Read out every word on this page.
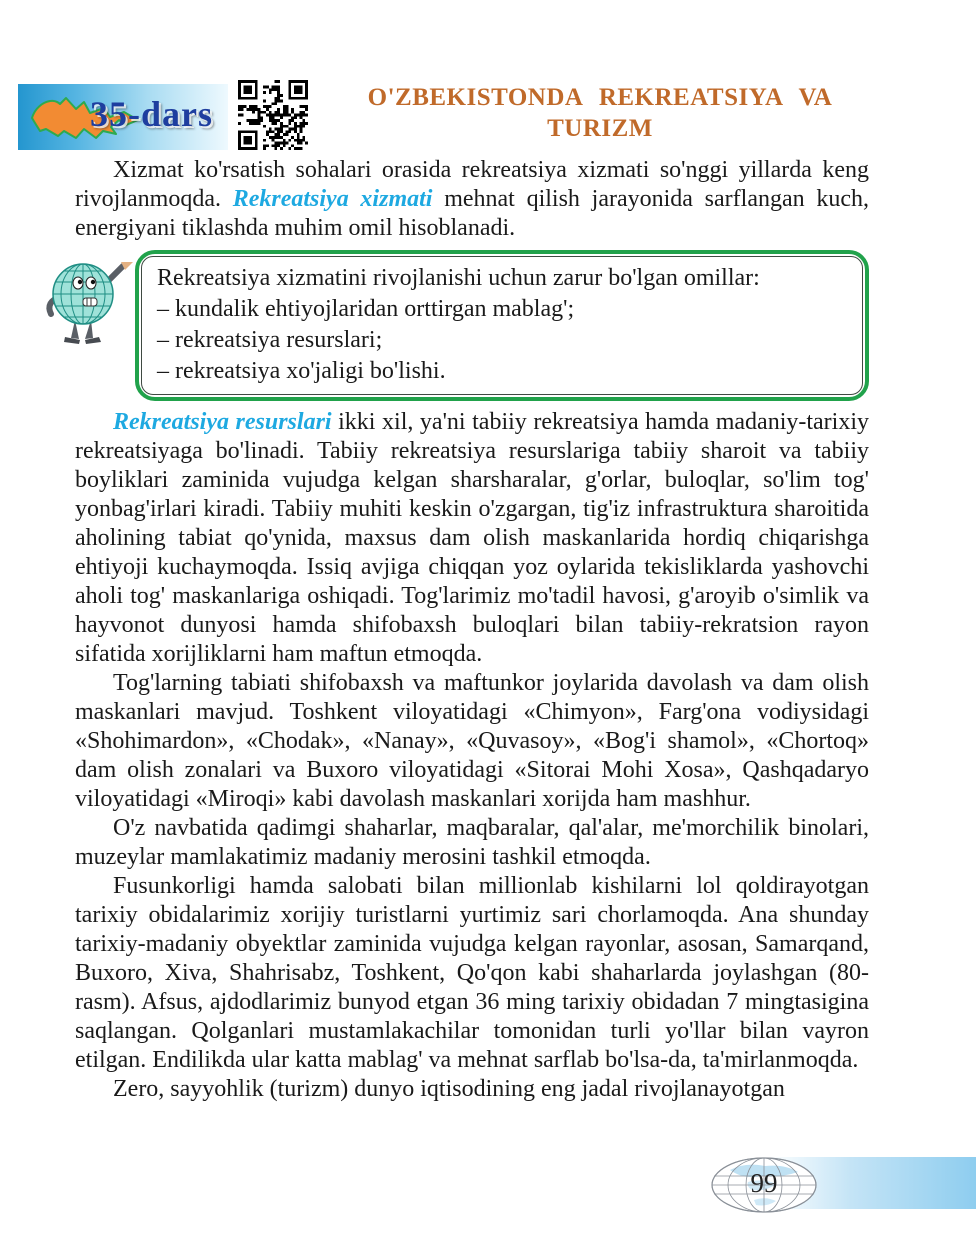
35-dars	O'ZBEKISTONDA REKREATSIYA VA
TURIZM

Xizmat ko'rsatish sohalari orasida rekreatsiya xizmati so'nggi yillarda keng rivojlanmoqda. Rekreatsiya xizmati mehnat qilish jarayonida sarflangan kuch, energiyani tiklashda muhim omil hisoblanadi.

Rekreatsiya xizmatini rivojlanishi uchun zarur bo'lgan omillar:
– kundalik ehtiyojlaridan orttirgan mablag';
– rekreatsiya resurslari;
– rekreatsiya xo'jaligi bo'lishi.

Rekreatsiya resurslari ikki xil, ya'ni tabiiy rekreatsiya hamda madaniy-tarixiy rekreatsiyaga bo'linadi. Tabiiy rekreatsiya resurslariga tabiiy sharoit va tabiiy boyliklari zaminida vujudga kelgan sharsharalar, g'orlar, buloqlar, so'lim tog' yonbag'irlari kiradi. Tabiiy muhiti keskin o'zgargan, tig'iz infrastruktura sharoitida aholining tabiat qo'ynida, maxsus dam olish maskanlarida hordiq chiqarishga ehtiyoji kuchaymoqda. Issiq avjiga chiqqan yoz oylarida tekisliklarda yashovchi aholi tog' maskanlariga oshiqadi. Tog'larimiz mo'tadil havosi, g'aroyib o'simlik va hayvonot dunyosi hamda shifobaxsh buloqlari bilan tabiiy-rekratsion rayon sifatida xorijliklarni ham maftun etmoqda.

Tog'larning tabiati shifobaxsh va maftunkor joylarida davolash va dam olish maskanlari mavjud. Toshkent viloyatidagi «Chimyon», Farg'ona vodiysidagi «Shohimardon», «Chodak», «Nanay», «Quvasoy», «Bog'i shamol», «Chortoq» dam olish zonalari va Buxoro viloyatidagi «Sitorai Mohi Xosa», Qashqadaryo viloyatidagi «Miroqi» kabi davolash maskanlari xorijda ham mashhur.

O'z navbatida qadimgi shaharlar, maqbaralar, qal'alar, me'morchilik binolari, muzeylar mamlakatimiz madaniy merosini tashkil etmoqda.

Fusunkorligi hamda salobati bilan millionlab kishilarni lol qoldirayotgan tarixiy obidalarimiz xorijiy turistlarni yurtimiz sari chorlamoqda. Ana shunday tarixiy-madaniy obyektlar zaminida vujudga kelgan rayonlar, asosan, Samarqand, Buxoro, Xiva, Shahrisabz, Toshkent, Qo'qon kabi shaharlarda joylashgan (80-rasm). Afsus, ajdodlarimiz bunyod etgan 36 ming tarixiy obidadan 7 mingtasigina saqlangan. Qolganlari mustamlakachilar tomonidan turli yo'llar bilan vayron etilgan. Endilikda ular katta mablag' va mehnat sarflab bo'lsa-da, ta'mirlanmoqda.

Zero, sayyohlik (turizm) dunyo iqtisodining eng jadal rivojlanayotgan

99
